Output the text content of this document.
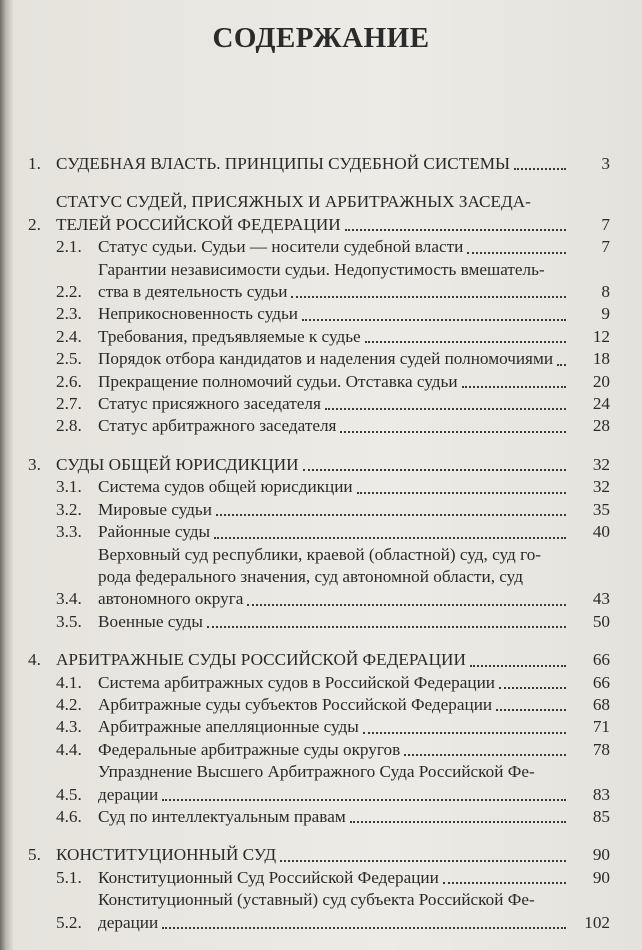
СОДЕРЖАНИЕ
1. СУДЕБНАЯ ВЛАСТЬ. ПРИНЦИПЫ СУДЕБНОЙ СИСТЕМЫ	3
2.
СТАТУС СУДЕЙ, ПРИСЯЖНЫХ И АРБИТРАЖНЫХ ЗАСЕДА-
ТЕЛЕЙ РОССИЙСКОЙ ФЕДЕРАЦИИ	7
2.1. Статус судьи. Судьи — носители судебной власти	7
2.2.
Гарантии независимости судьи. Недопустимость вмешатель-
ства в деятельность судьи	8
2.3. Неприкосновенность судьи	9
2.4. Требования, предъявляемые к судье	12
2.5. Порядок отбора кандидатов и наделения судей полномочиями	18
2.6. Прекращение полномочий судьи. Отставка судьи	20
2.7. Статус присяжного заседателя	24
2.8. Статус арбитражного заседателя	28
3. СУДЫ ОБЩЕЙ ЮРИСДИКЦИИ	32
3.1. Система судов общей юрисдикции	32
3.2. Мировые судьи	35
3.3. Районные суды	40
3.4.
Верховный суд республики, краевой (областной) суд, суд го-
рода федерального значения, суд автономной области, суд
автономного округа	43
3.5. Военные суды	50
4. АРБИТРАЖНЫЕ СУДЫ РОССИЙСКОЙ ФЕДЕРАЦИИ	66
4.1. Система арбитражных судов в Российской Федерации	66
4.2. Арбитражные суды субъектов Российской Федерации	68
4.3. Арбитражные апелляционные суды	71
4.4. Федеральные арбитражные суды округов	78
4.5.
Упразднение Высшего Арбитражного Суда Российской Фе-
дерации	83
4.6. Суд по интеллектуальным правам	85
5. КОНСТИТУЦИОННЫЙ СУД	90
5.1. Конституционный Суд Российской Федерации	90
5.2.
Конституционный (уставный) суд субъекта Российской Фе-
дерации	102
